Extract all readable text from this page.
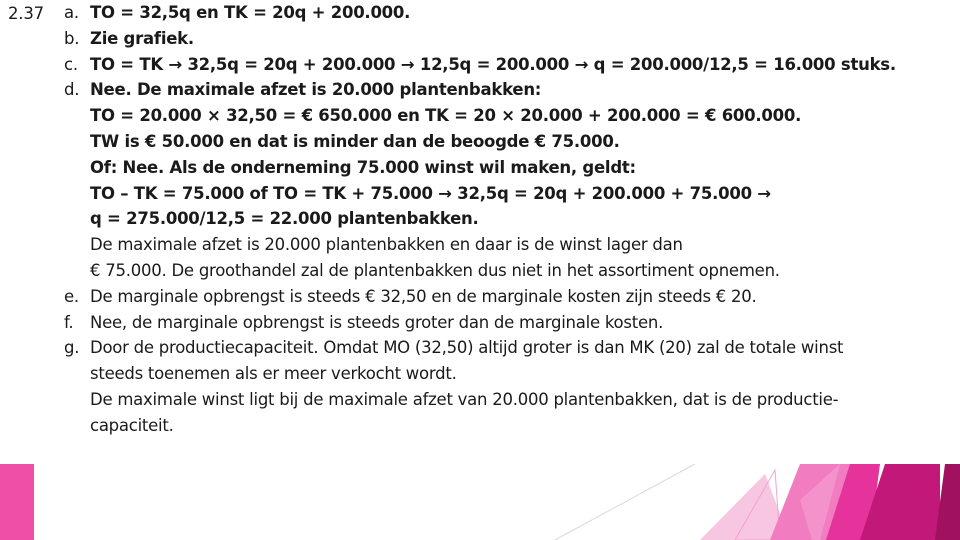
2.37 a. TO = 32,5q en TK = 20q + 200.000.
b. Zie grafiek.
c. TO = TK → 32,5q = 20q + 200.000 → 12,5q = 200.000 → q = 200.000/12,5 = 16.000 stuks.
d. Nee. De maximale afzet is 20.000 plantenbakken:
TO = 20.000 × 32,50 = € 650.000 en TK = 20 × 20.000 + 200.000 = € 600.000.
TW is € 50.000 en dat is minder dan de beoogde € 75.000.
Of: Nee. Als de onderneming 75.000 winst wil maken, geldt:
TO – TK = 75.000 of TO = TK + 75.000 → 32,5q = 20q + 200.000 + 75.000 →
q = 275.000/12,5 = 22.000 plantenbakken.
De maximale afzet is 20.000 plantenbakken en daar is de winst lager dan
€ 75.000. De groothandel zal de plantenbakken dus niet in het assortiment opnemen.
e. De marginale opbrengst is steeds € 32,50 en de marginale kosten zijn steeds € 20.
f. Nee, de marginale opbrengst is steeds groter dan de marginale kosten.
g. Door de productiecapaciteit. Omdat MO (32,50) altijd groter is dan MK (20) zal de totale winst
steeds toenemen als er meer verkocht wordt.
De maximale winst ligt bij de maximale afzet van 20.000 plantenbakken, dat is de productie-
capaciteit.
